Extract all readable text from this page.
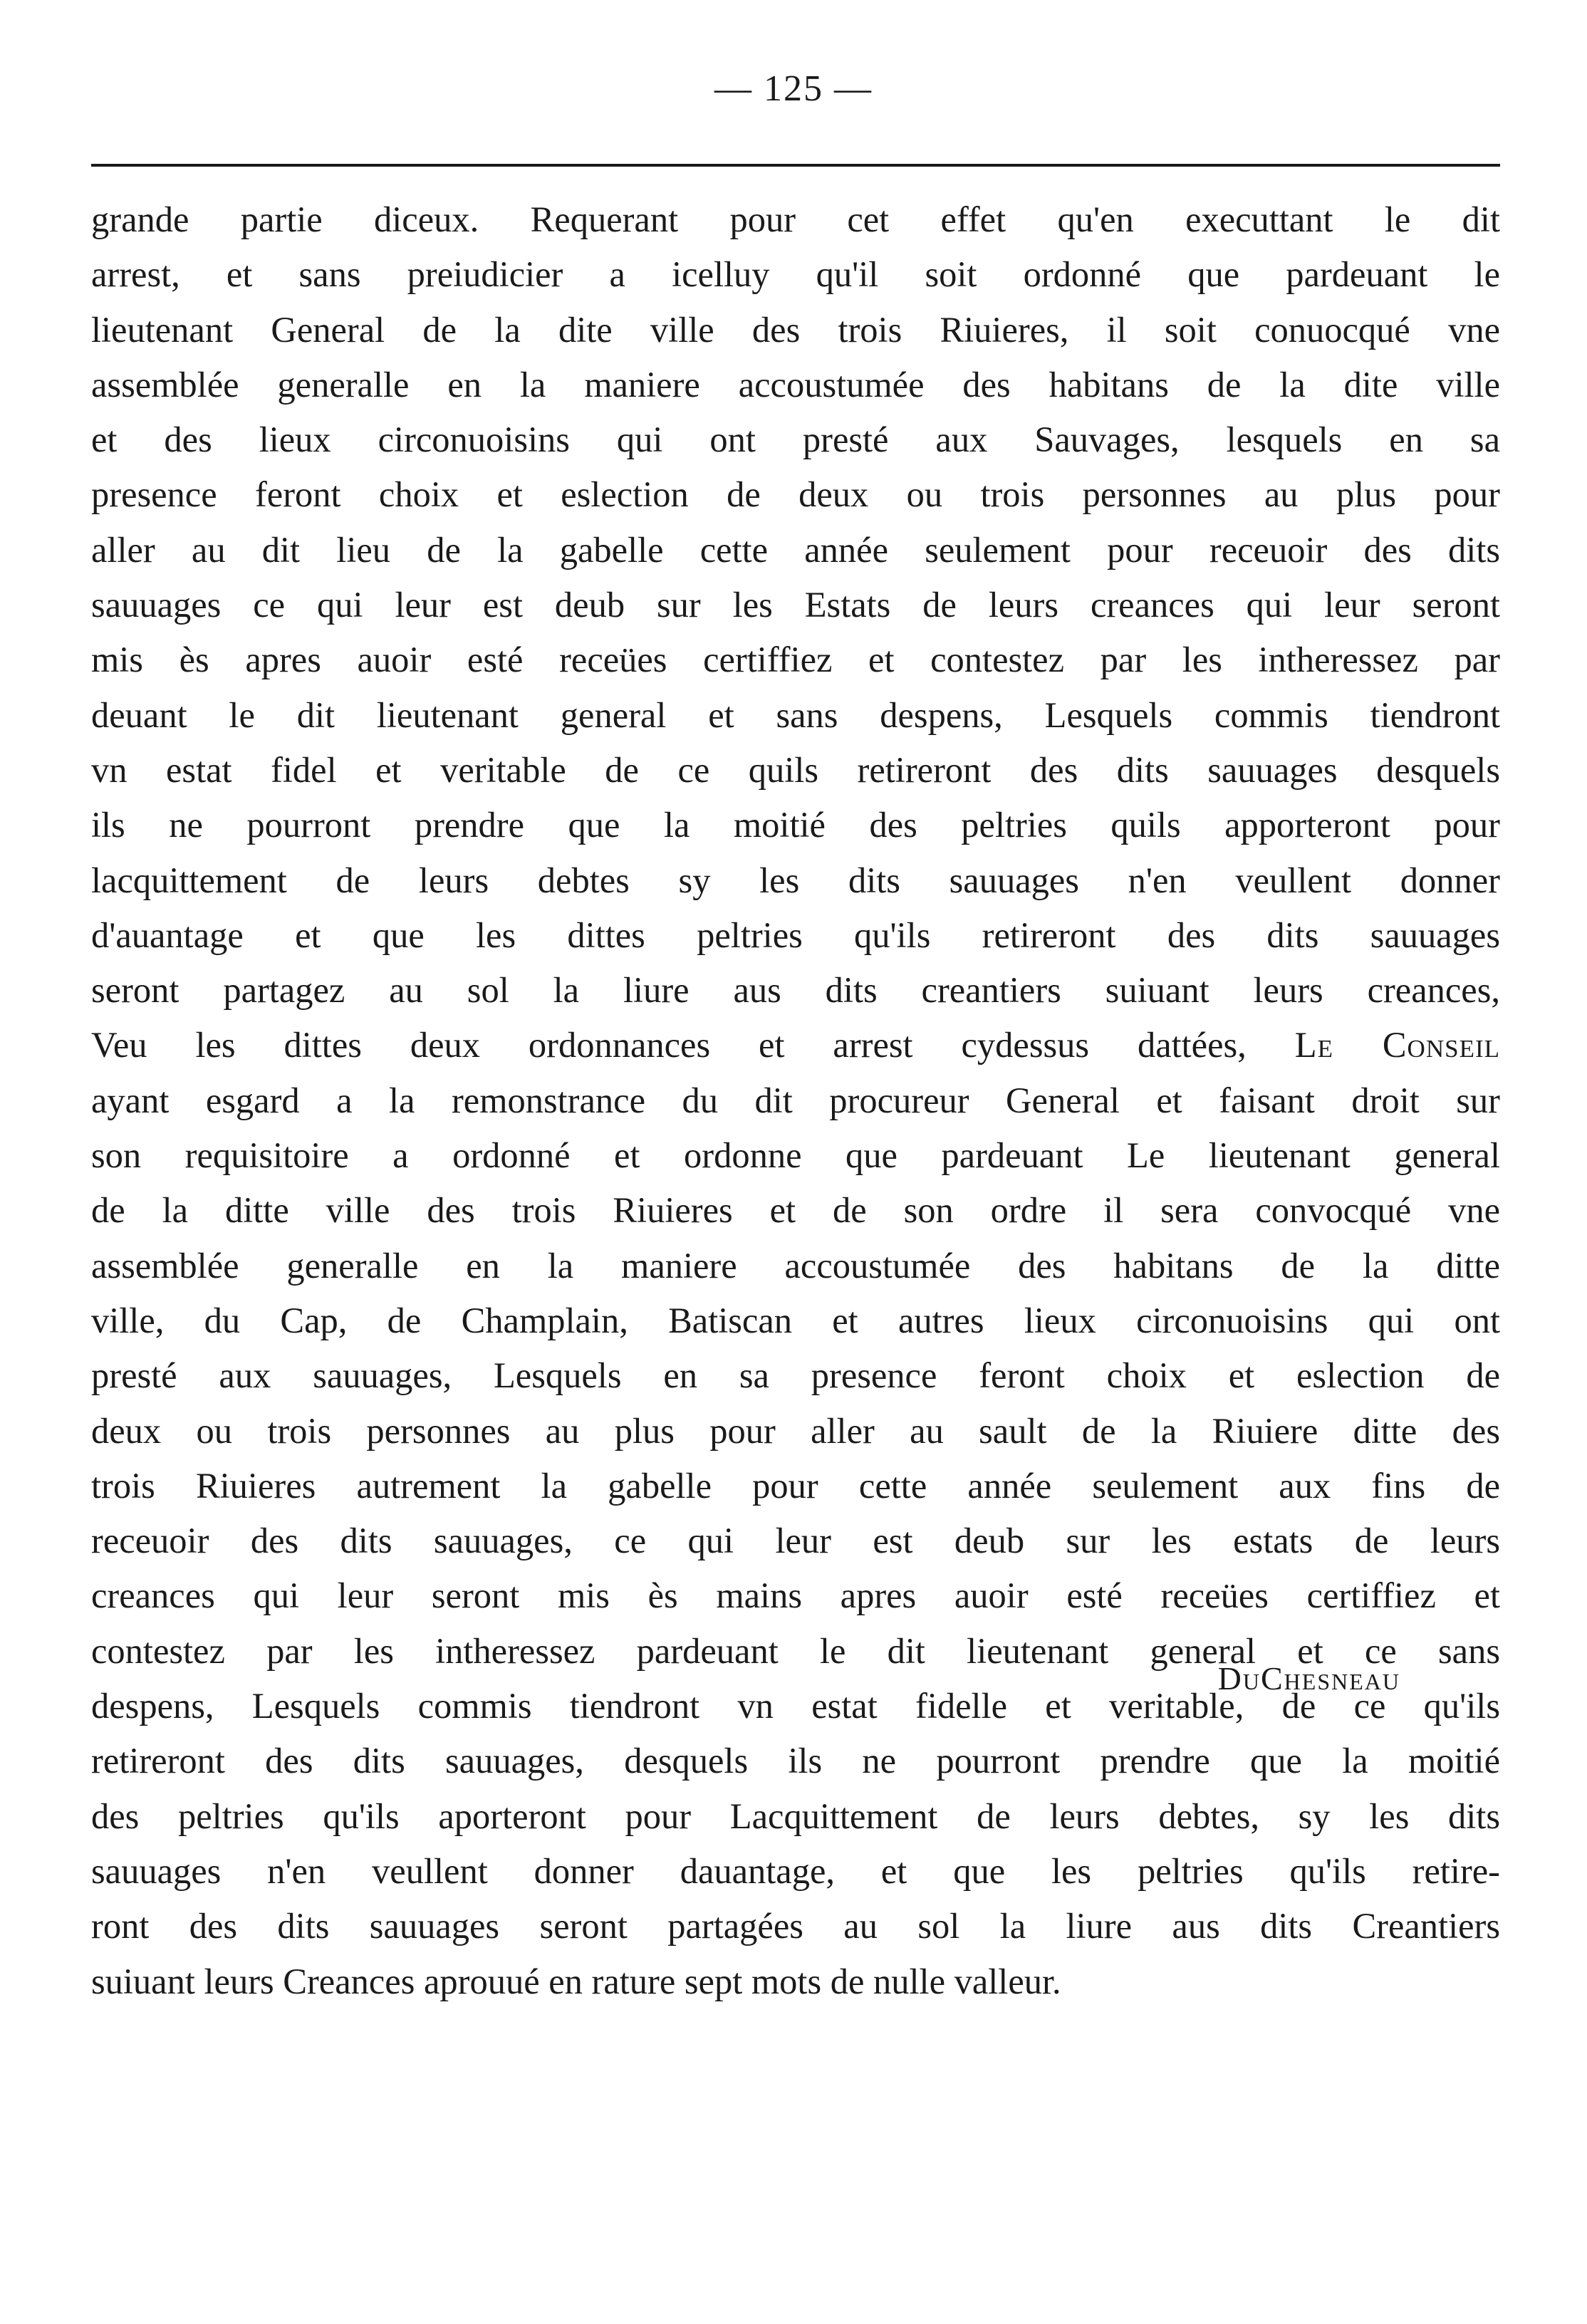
— 125 —
grande partie diceux. Requerant pour cet effet qu'en executtant le dit
arrest, et sans preiudicier a icelluy qu'il soit ordonné que pardeuant le
lieutenant General de la dite ville des trois Riuieres, il soit conuocqué vne
assemblée generalle en la maniere accoustumée des habitans de la dite ville
et des lieux circonuoisins qui ont presté aux Sauvages, lesquels en sa
presence feront choix et eslection de deux ou trois personnes au plus pour
aller au dit lieu de la gabelle cette année seulement pour receuoir des dits
sauuages ce qui leur est deub sur les Estats de leurs creances qui leur seront
mis ès apres auoir esté receües certiffiez et contestez par les intheressez par
deuant le dit lieutenant general et sans despens, Lesquels commis tiendront
vn estat fidel et veritable de ce quils retireront des dits sauuages desquels
ils ne pourront prendre que la moitié des peltries quils apporteront pour
lacquittement de leurs debtes sy les dits sauuages n'en veullent donner
d'auantage et que les dittes peltries qu'ils retireront des dits sauuages
seront partagez au sol la liure aus dits creantiers suiuant leurs creances,
Veu les dittes deux ordonnances et arrest cydessus dattées, Le Conseil
ayant esgard a la remonstrance du dit procureur General et faisant droit sur
son requisitoire a ordonné et ordonne que pardeuant Le lieutenant general
de la ditte ville des trois Riuieres et de son ordre il sera convocqué vne
assemblée generalle en la maniere accoustumée des habitans de la ditte
ville, du Cap, de Champlain, Batiscan et autres lieux circonuoisins qui ont
presté aux sauuages, Lesquels en sa presence feront choix et eslection de
deux ou trois personnes au plus pour aller au sault de la Riuiere ditte des
trois Riuieres autrement la gabelle pour cette année seulement aux fins de
receuoir des dits sauuages, ce qui leur est deub sur les estats de leurs
creances qui leur seront mis ès mains apres auoir esté receües certiffiez et
contestez par les intheressez pardeuant le dit lieutenant general et ce sans
despens, Lesquels commis tiendront vn estat fidelle et veritable, de ce qu'ils
retireront des dits sauuages, desquels ils ne pourront prendre que la moitié
des peltries qu'ils aporteront pour Lacquittement de leurs debtes, sy les dits
sauuages n'en veullent donner dauantage, et que les peltries qu'ils retire-
ront des dits sauuages seront partagées au sol la liure aus dits Creantiers
suiuant leurs Creances aprouué en rature sept mots de nulle valleur.
DuChesneau
